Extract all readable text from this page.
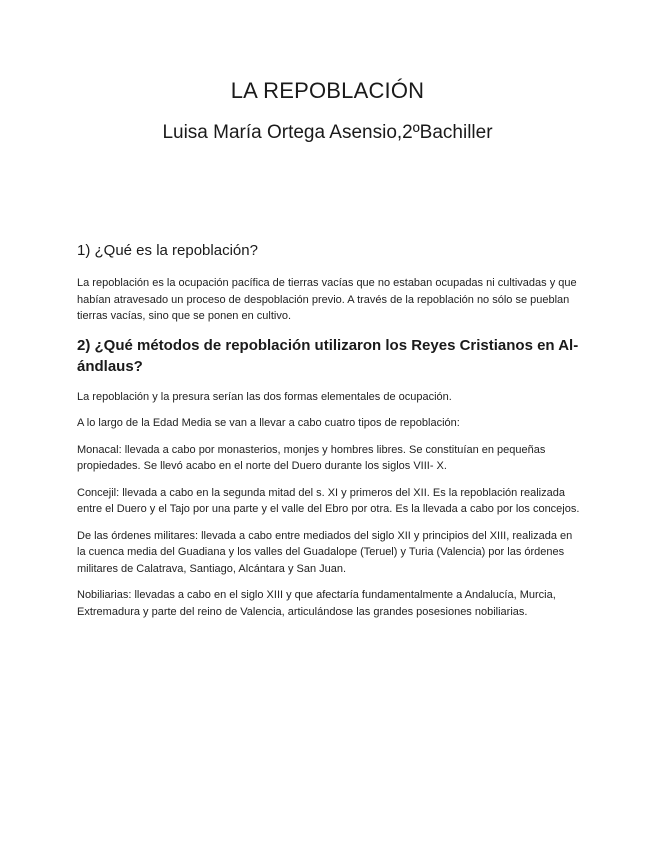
LA REPOBLACIÓN
Luisa María Ortega Asensio,2ºBachiller
1) ¿Qué es la repoblación?

La repoblación es la ocupación pacífica de tierras vacías que no estaban ocupadas ni cultivadas y que habían atravesado un proceso de despoblación previo. A través de la repoblación no sólo se pueblan tierras vacías, sino que se ponen en cultivo.

2) ¿Qué métodos de repoblación utilizaron los Reyes Cristianos en Al-ándlaus?

La repoblación y la presura serían las dos formas elementales de ocupación.

A lo largo de la Edad Media se van a llevar a cabo cuatro tipos de repoblación:

Monacal: llevada a cabo por monasterios, monjes y hombres libres. Se constituían en pequeñas propiedades. Se llevó acabo en el norte del Duero durante los siglos VIII- X.

Concejil: llevada a cabo en la segunda mitad del s. XI y primeros del XII. Es la repoblación realizada entre el Duero y el Tajo por una parte y el valle del Ebro por otra. Es la llevada a cabo por los concejos.

De las órdenes militares: llevada a cabo entre mediados del siglo XII y principios del XIII, realizada en la cuenca media del Guadiana y los valles del Guadalope (Teruel) y Turia (Valencia) por las órdenes militares de Calatrava, Santiago, Alcántara y San Juan.

Nobiliarias: llevadas a cabo en el siglo XIII y que afectaría fundamentalmente a Andalucía, Murcia, Extremadura y parte del reino de Valencia, articulándose las grandes posesiones nobiliarias.
